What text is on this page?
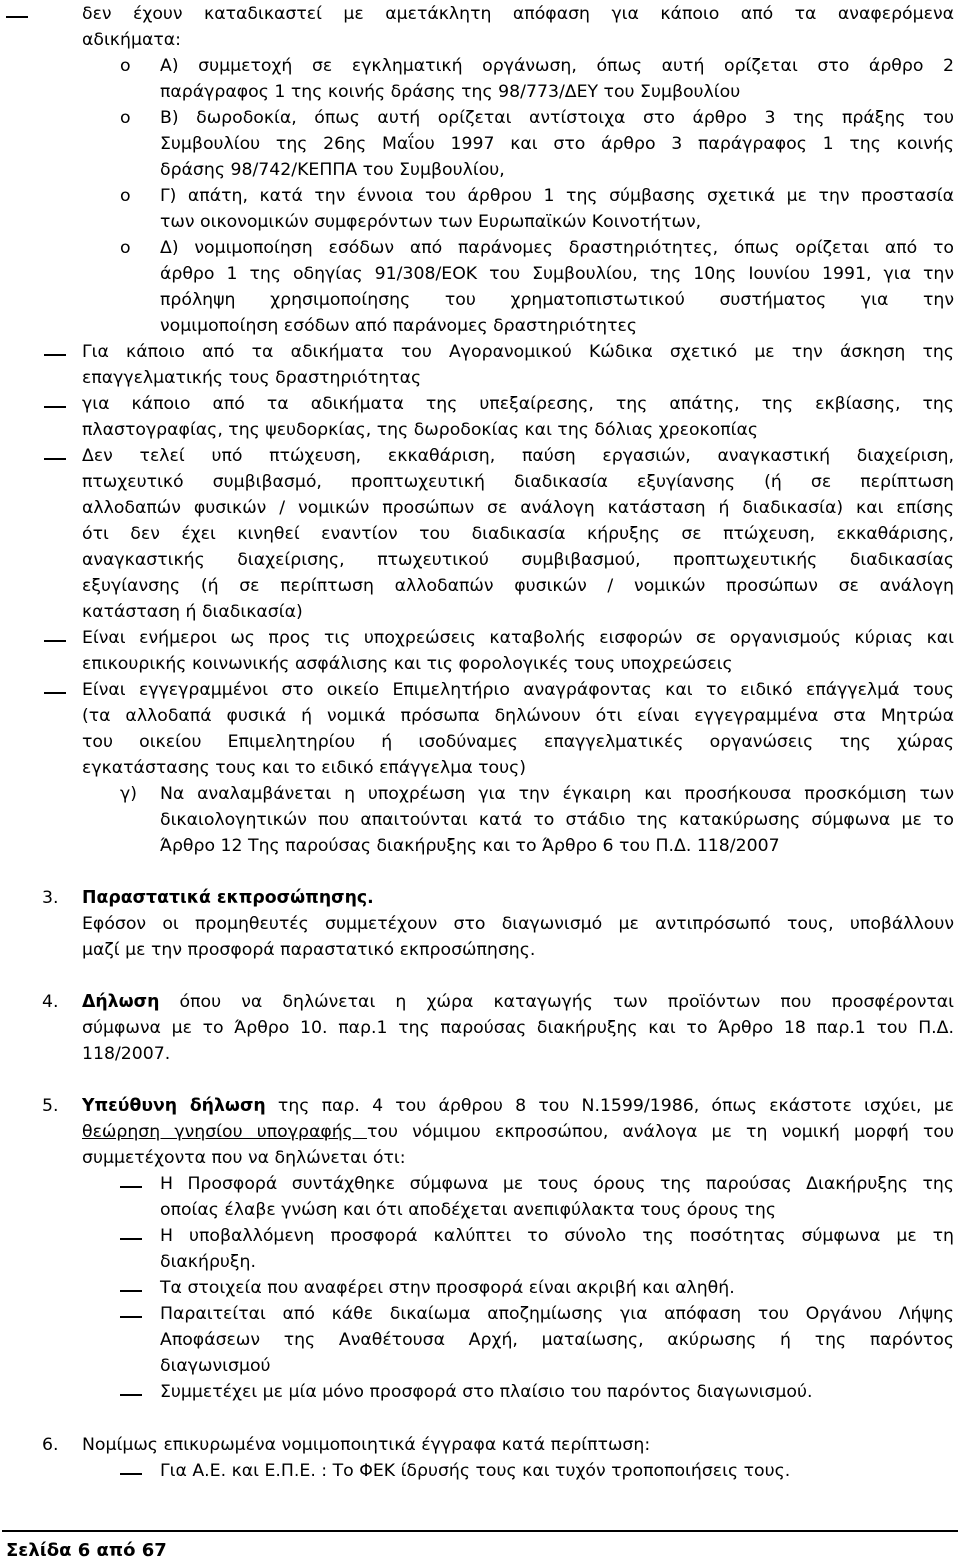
δεν έχουν καταδικαστεί με αμετάκλητη απόφαση για κάποιο από τα αναφερόμενα
αδικήματα:
o Α) συμμετοχή σε εγκληματική οργάνωση, όπως αυτή ορίζεται στο άρθρο 2
παράγραφος 1 της κοινής δράσης της 98/773/ΔΕΥ του Συμβουλίου
o Β) δωροδοκία, όπως αυτή ορίζεται αντίστοιχα στο άρθρο 3 της πράξης του
Συμβουλίου της 26ης Μαΐου 1997 και στο άρθρο 3 παράγραφος 1 της κοινής
δράσης 98/742/ΚΕΠΠΑ του Συμβουλίου,
o Γ) απάτη, κατά την έννοια του άρθρου 1 της σύμβασης σχετικά με την προστασία
των οικονομικών συμφερόντων των Ευρωπαϊκών Κοινοτήτων,
o Δ) νομιμοποίηση εσόδων από παράνομες δραστηριότητες, όπως ορίζεται από το
άρθρο 1 της οδηγίας 91/308/ΕΟΚ του Συμβουλίου, της 10ης Ιουνίου 1991, για την
πρόληψη χρησιμοποίησης του χρηματοπιστωτικού συστήματος για την
νομιμοποίηση εσόδων από παράνομες δραστηριότητες
Για κάποιο από τα αδικήματα του Αγορανομικού Κώδικα σχετικό με την άσκηση της
επαγγελματικής τους δραστηριότητας
για κάποιο από τα αδικήματα της υπεξαίρεσης, της απάτης, της εκβίασης, της
πλαστογραφίας, της ψευδορκίας, της δωροδοκίας και της δόλιας χρεοκοπίας
Δεν τελεί υπό πτώχευση, εκκαθάριση, παύση εργασιών, αναγκαστική διαχείριση,
πτωχευτικό συμβιβασμό, προπτωχευτική διαδικασία εξυγίανσης (ή σε περίπτωση
αλλοδαπών φυσικών / νομικών προσώπων σε ανάλογη κατάσταση ή διαδικασία) και επίσης
ότι δεν έχει κινηθεί εναντίον του διαδικασία κήρυξης σε πτώχευση, εκκαθάρισης,
αναγκαστικής διαχείρισης, πτωχευτικού συμβιβασμού, προπτωχευτικής διαδικασίας
εξυγίανσης (ή σε περίπτωση αλλοδαπών φυσικών / νομικών προσώπων σε ανάλογη
κατάσταση ή διαδικασία)
Είναι ενήμεροι ως προς τις υποχρεώσεις καταβολής εισφορών σε οργανισμούς κύριας και
επικουρικής κοινωνικής ασφάλισης και τις φορολογικές τους υποχρεώσεις
Είναι εγγεγραμμένοι στο οικείο Επιμελητήριο αναγράφοντας και το ειδικό επάγγελμά τους
(τα αλλοδαπά φυσικά ή νομικά πρόσωπα δηλώνουν ότι είναι εγγεγραμμένα στα Μητρώα
του οικείου Επιμελητηρίου ή ισοδύναμες επαγγελματικές οργανώσεις της χώρας
εγκατάστασης τους και το ειδικό επάγγελμα τους)
γ) Να αναλαμβάνεται η υποχρέωση για την έγκαιρη και προσήκουσα προσκόμιση των
δικαιολογητικών που απαιτούνται κατά το στάδιο της κατακύρωσης σύμφωνα με το
Άρθρο 12 Της παρούσας διακήρυξης και το Άρθρο 6 του Π.Δ. 118/2007
3. Παραστατικά εκπροσώπησης.
Εφόσον οι προμηθευτές συμμετέχουν στο διαγωνισμό με αντιπρόσωπό τους, υποβάλλουν
μαζί με την προσφορά παραστατικό εκπροσώπησης.
4. Δήλωση όπου να δηλώνεται η χώρα καταγωγής των προϊόντων που προσφέρονται
σύμφωνα με το Άρθρο 10. παρ.1 της παρούσας διακήρυξης και το Άρθρο 18 παρ.1 του Π.Δ.
118/2007.
5. Υπεύθυνη δήλωση της παρ. 4 του άρθρου 8 του Ν.1599/1986, όπως εκάστοτε ισχύει, με
θεώρηση γνησίου υπογραφής του νόμιμου εκπροσώπου, ανάλογα με τη νομική μορφή του
συμμετέχοντα που να δηλώνεται ότι:
Η Προσφορά συντάχθηκε σύμφωνα με τους όρους της παρούσας Διακήρυξης της
οποίας έλαβε γνώση και ότι αποδέχεται ανεπιφύλακτα τους όρους της
Η υποβαλλόμενη προσφορά καλύπτει το σύνολο της ποσότητας σύμφωνα με τη
διακήρυξη.
Τα στοιχεία που αναφέρει στην προσφορά είναι ακριβή και αληθή.
Παραιτείται από κάθε δικαίωμα αποζημίωσης για απόφαση του Οργάνου Λήψης
Αποφάσεων της Αναθέτουσα Αρχή, ματαίωσης, ακύρωσης ή της παρόντος
διαγωνισμού
Συμμετέχει με μία μόνο προσφορά στο πλαίσιο του παρόντος διαγωνισμού.
6. Νομίμως επικυρωμένα νομιμοποιητικά έγγραφα κατά περίπτωση:
Για Α.Ε. και Ε.Π.Ε. : Το ΦΕΚ ίδρυσής τους και τυχόν τροποποιήσεις τους.
Σελίδα 6 από 67
